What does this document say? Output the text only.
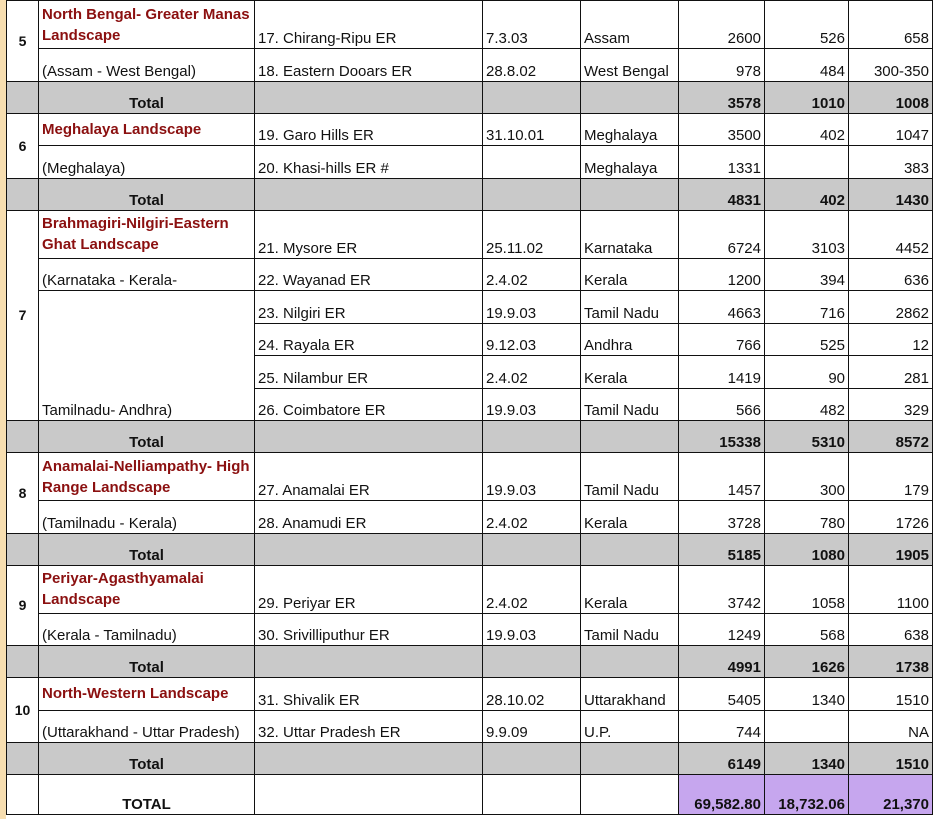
5	North Bengal- Greater Manas Landscape	17. Chirang-Ripu ER	7.3.03	Assam	2600	526	658
	(Assam - West Bengal)	18. Eastern Dooars ER	28.8.02	West Bengal	978	484	300-350
	Total				3578	1010	1008
6	Meghalaya Landscape	19. Garo Hills ER	31.10.01	Meghalaya	3500	402	1047
	(Meghalaya)	20. Khasi-hills ER #		Meghalaya	1331		383
	Total				4831	402	1430
7	Brahmagiri-Nilgiri-Eastern Ghat Landscape	21. Mysore ER	25.11.02	Karnataka	6724	3103	4452
	(Karnataka - Kerala-	22. Wayanad ER	2.4.02	Kerala	1200	394	636
	Tamilnadu- Andhra)	23. Nilgiri ER	19.9.03	Tamil Nadu	4663	716	2862
		24. Rayala ER	9.12.03	Andhra	766	525	12
		25. Nilambur ER	2.4.02	Kerala	1419	90	281
		26. Coimbatore ER	19.9.03	Tamil Nadu	566	482	329
	Total				15338	5310	8572
8	Anamalai-Nelliampathy- High Range Landscape	27. Anamalai ER	19.9.03	Tamil Nadu	1457	300	179
	(Tamilnadu - Kerala)	28. Anamudi ER	2.4.02	Kerala	3728	780	1726
	Total				5185	1080	1905
9	Periyar-Agasthyamalai Landscape	29. Periyar ER	2.4.02	Kerala	3742	1058	1100
	(Kerala - Tamilnadu)	30. Srivilliputhur ER	19.9.03	Tamil Nadu	1249	568	638
	Total				4991	1626	1738
10	North-Western Landscape	31. Shivalik ER	28.10.02	Uttarakhand	5405	1340	1510
	(Uttarakhand - Uttar Pradesh)	32. Uttar Pradesh ER	9.9.09	U.P.	744		NA
	Total				6149	1340	1510
	TOTAL				69,582.80	18,732.06	21,370
